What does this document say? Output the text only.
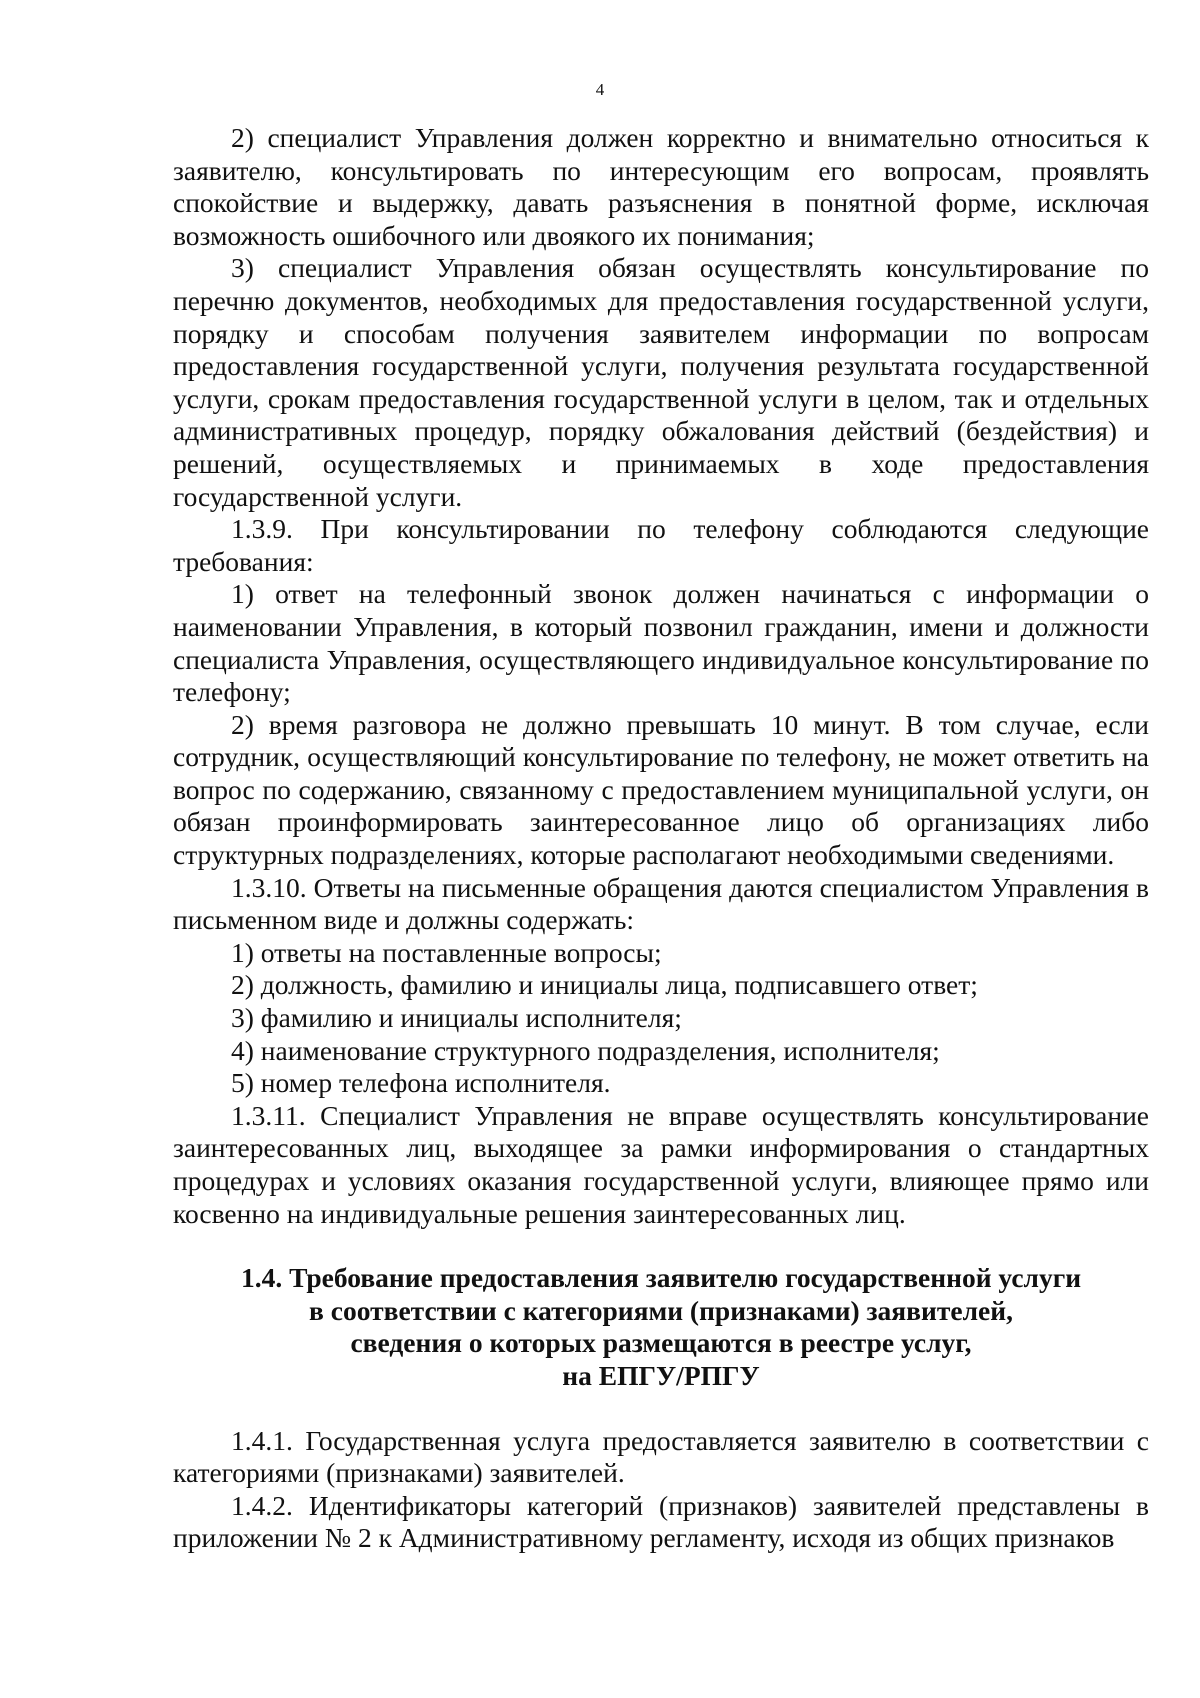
4

2) специалист Управления должен корректно и внимательно относиться к заявителю, консультировать по интересующим его вопросам, проявлять спокойствие и выдержку, давать разъяснения в понятной форме, исключая возможность ошибочного или двоякого их понимания;

3) специалист Управления обязан осуществлять консультирование по перечню документов, необходимых для предоставления государственной услуги, порядку и способам получения заявителем информации по вопросам предоставления государственной услуги, получения результата государственной услуги, срокам предоставления государственной услуги в целом, так и отдельных административных процедур, порядку обжалования действий (бездействия) и решений, осуществляемых и принимаемых в ходе предоставления государственной услуги.

1.3.9. При консультировании по телефону соблюдаются следующие требования:

1) ответ на телефонный звонок должен начинаться с информации о наименовании Управления, в который позвонил гражданин, имени и должности специалиста Управления, осуществляющего индивидуальное консультирование по телефону;

2) время разговора не должно превышать 10 минут. В том случае, если сотрудник, осуществляющий консультирование по телефону, не может ответить на вопрос по содержанию, связанному с предоставлением муниципальной услуги, он обязан проинформировать заинтересованное лицо об организациях либо структурных подразделениях, которые располагают необходимыми сведениями.

1.3.10. Ответы на письменные обращения даются специалистом Управления в письменном виде и должны содержать:

1) ответы на поставленные вопросы;

2) должность, фамилию и инициалы лица, подписавшего ответ;

3) фамилию и инициалы исполнителя;

4) наименование структурного подразделения, исполнителя;

5) номер телефона исполнителя.

1.3.11. Специалист Управления не вправе осуществлять консультирование заинтересованных лиц, выходящее за рамки информирования о стандартных процедурах и условиях оказания государственной услуги, влияющее прямо или косвенно на индивидуальные решения заинтересованных лиц.

1.4. Требование предоставления заявителю государственной услуги
в соответствии с категориями (признаками) заявителей,
сведения о которых размещаются в реестре услуг,
на ЕПГУ/РПГУ

1.4.1. Государственная услуга предоставляется заявителю в соответствии с категориями (признаками) заявителей.

1.4.2. Идентификаторы категорий (признаков) заявителей представлены в приложении № 2 к Административному регламенту, исходя из общих признаков
